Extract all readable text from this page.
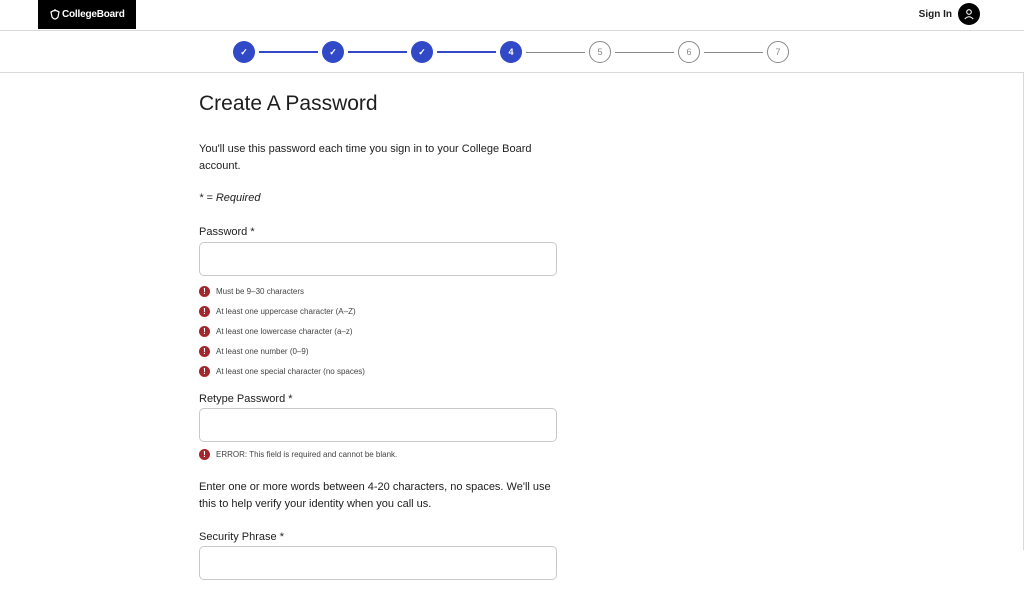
CollegeBoard	Sign In
✓	✓	✓	4	5	6	7
Create A Password
You'll use this password each time you sign in to your College Board account.
* = Required
Password *
!	Must be 9–30 characters
!	At least one uppercase character (A–Z)
!	At least one lowercase character (a–z)
!	At least one number (0–9)
!	At least one special character (no spaces)
Retype Password *
!	ERROR: This field is required and cannot be blank.
Enter one or more words between 4-20 characters, no spaces. We'll use this to help verify your identity when you call us.
Security Phrase *
